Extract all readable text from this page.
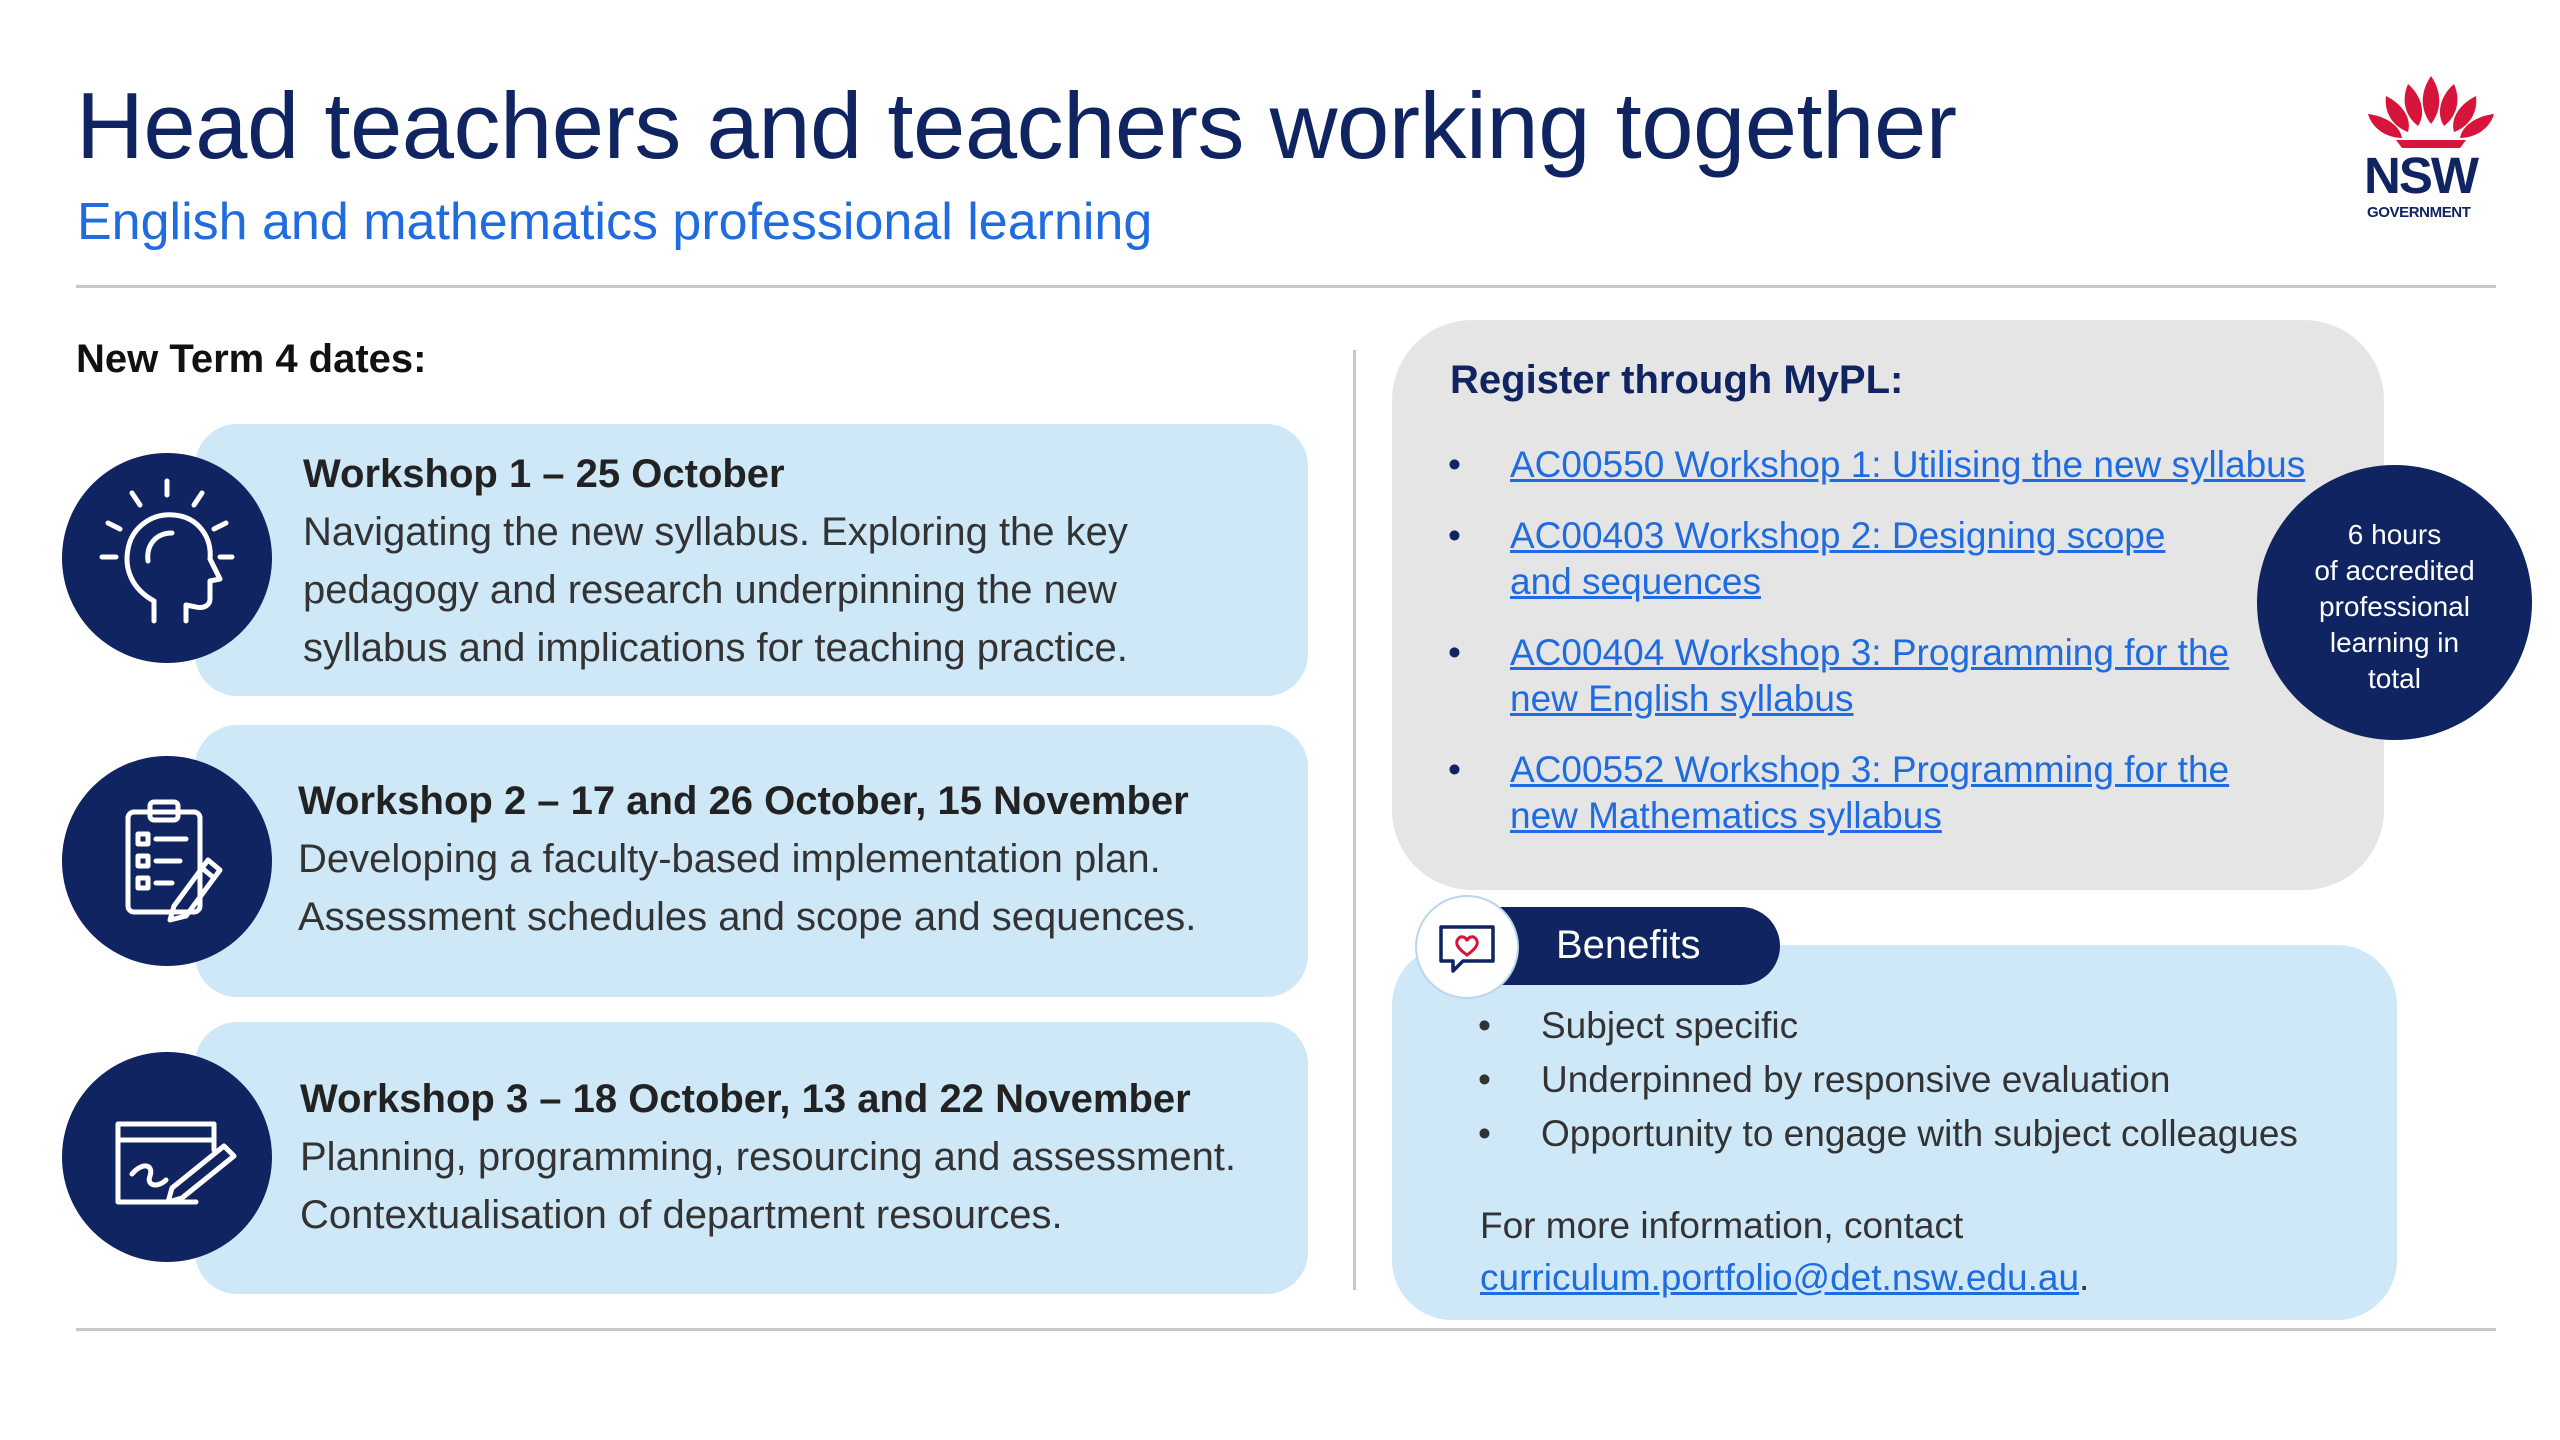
Head teachers and teachers working together
English and mathematics professional learning
NSW
GOVERNMENT
New Term 4 dates:
Workshop 1 – 25 October
Navigating the new syllabus. Exploring the key
pedagogy and research underpinning the new
syllabus and implications for teaching practice.
Workshop 2 – 17 and 26 October, 15 November
Developing a faculty-based implementation plan.
Assessment schedules and scope and sequences.
Workshop 3 – 18 October, 13 and 22 November
Planning, programming, resourcing and assessment.
Contextualisation of department resources.
Register through MyPL:
• AC00550 Workshop 1: Utilising the new syllabus
• AC00403 Workshop 2: Designing scope
and sequences
• AC00404 Workshop 3: Programming for the
new English syllabus
• AC00552 Workshop 3: Programming for the
new Mathematics syllabus
6 hours
of accredited
professional
learning in
total
Benefits
• Subject specific
• Underpinned by responsive evaluation
• Opportunity to engage with subject colleagues
For more information, contact
curriculum.portfolio@det.nsw.edu.au.
